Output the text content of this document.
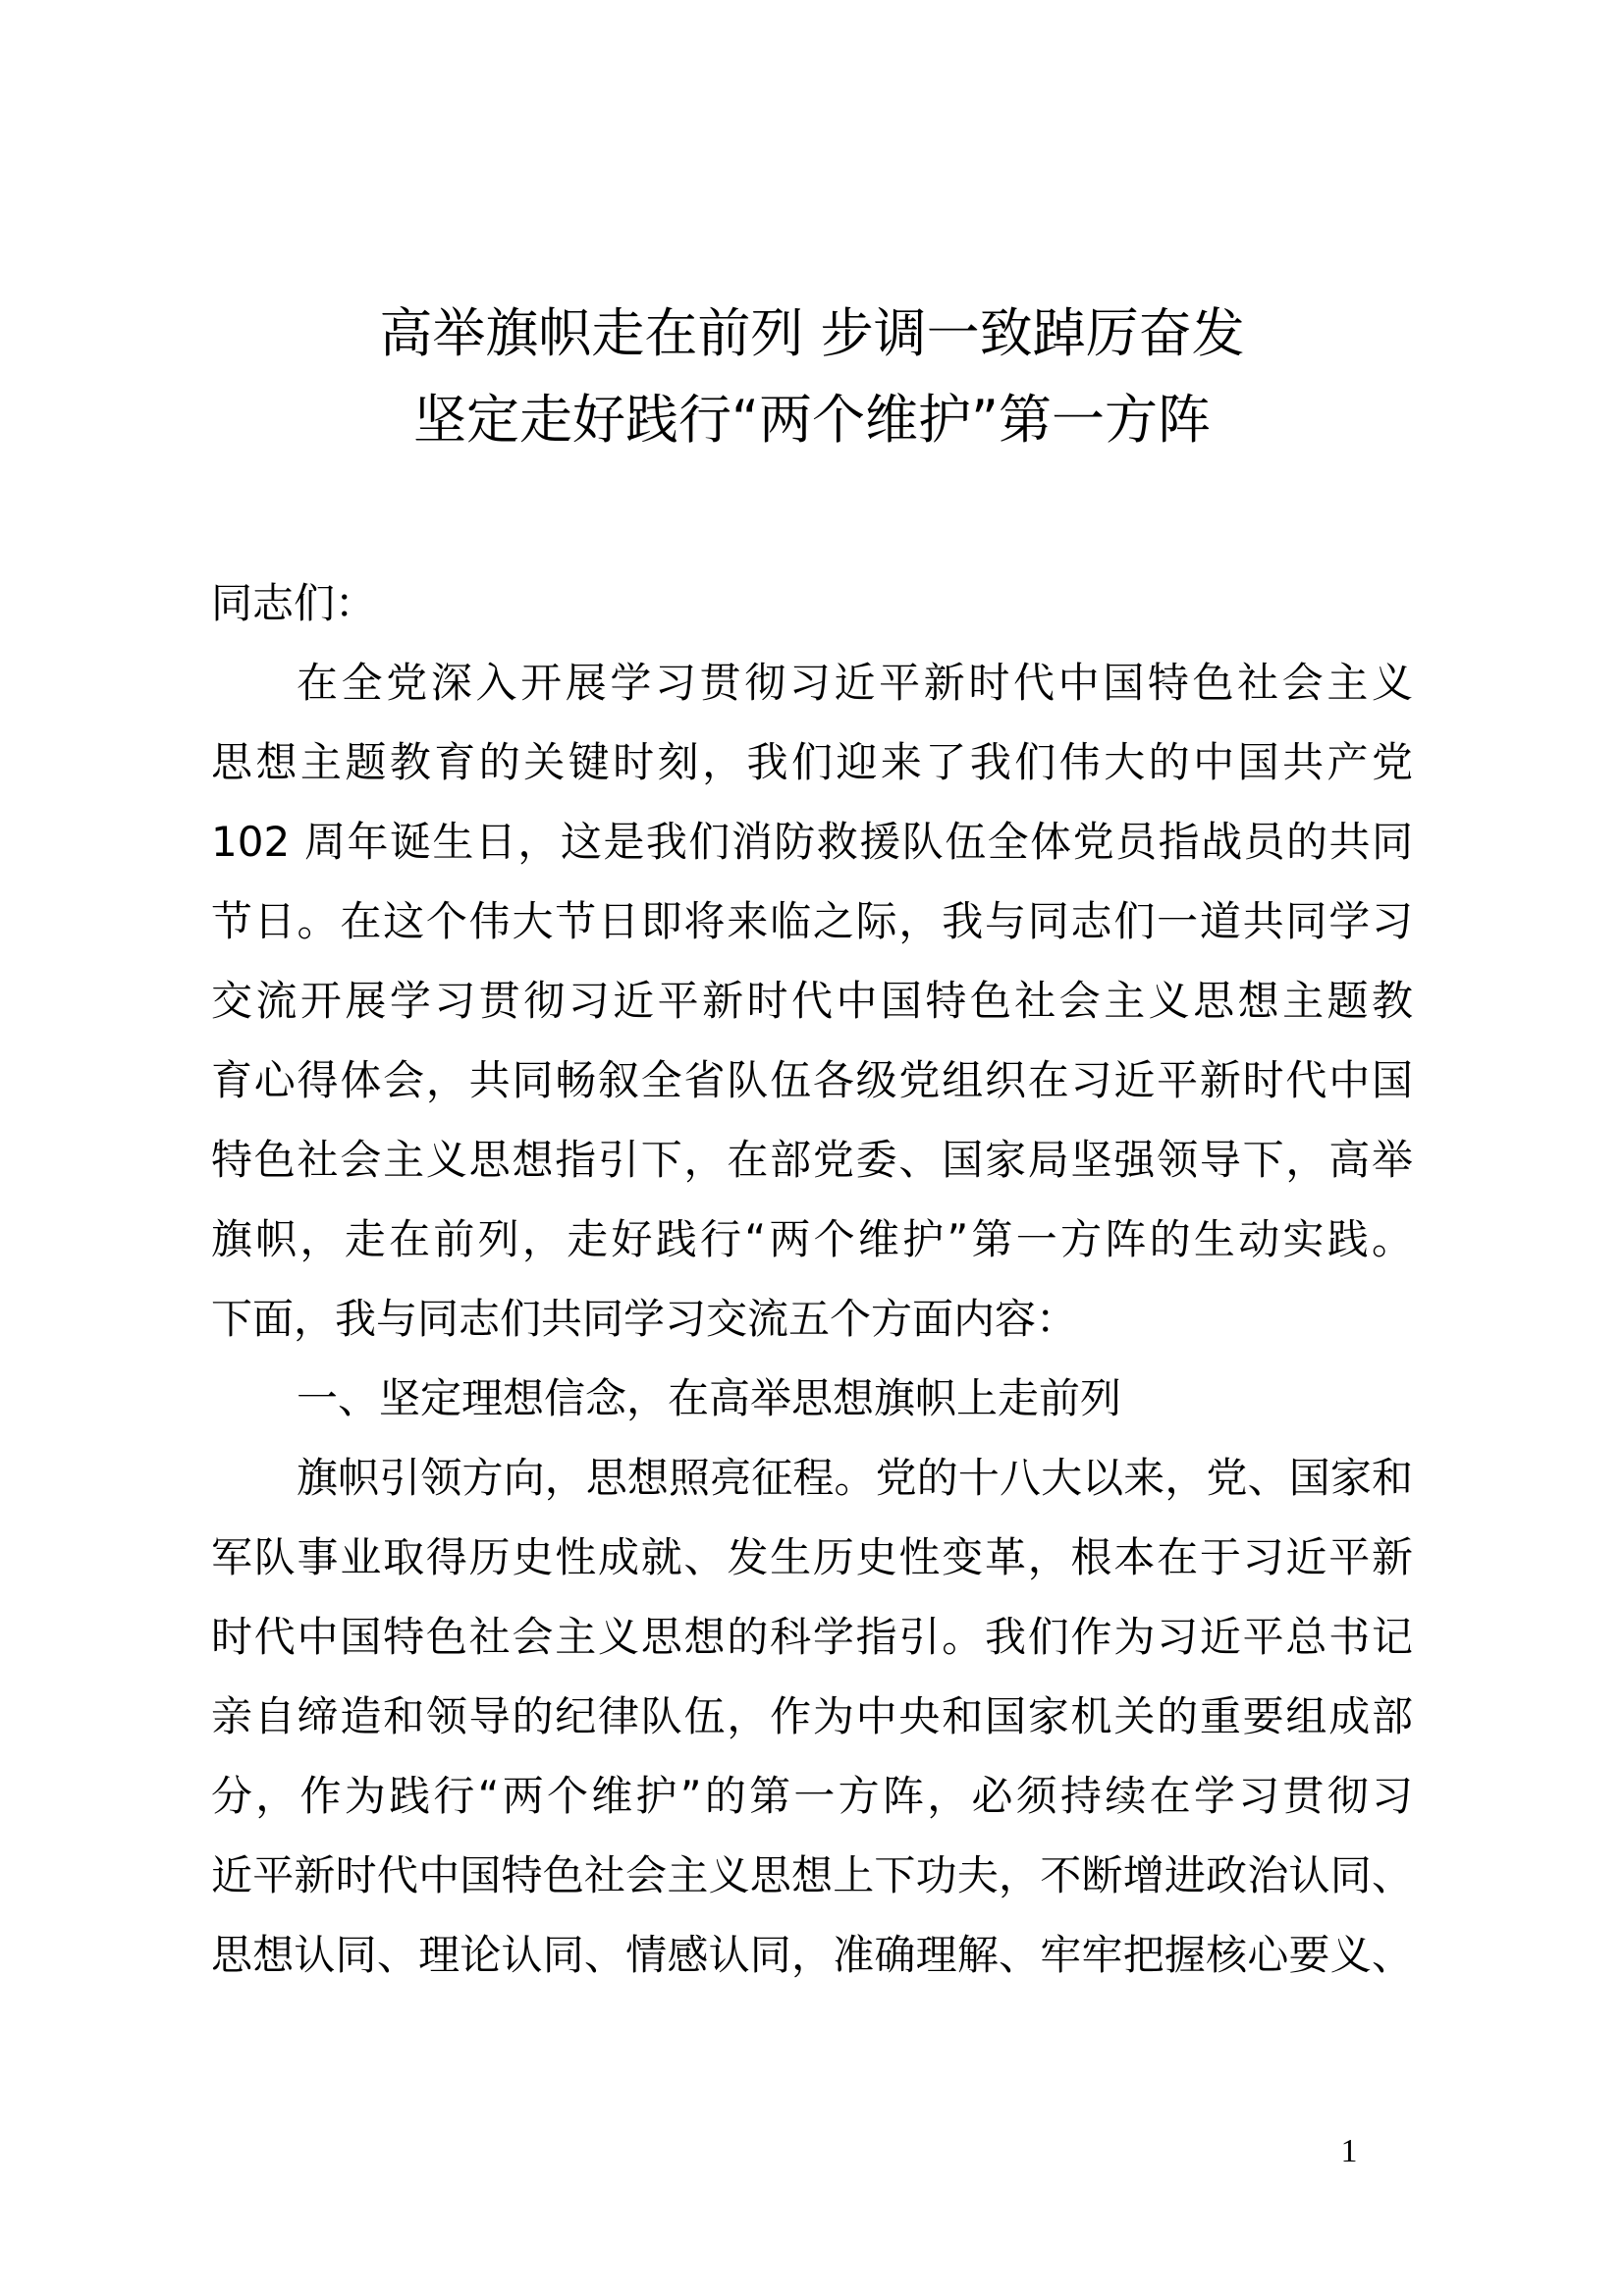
高举旗帜走在前列 步调一致踔厉奋发
坚定走好践行“两个维护”第一方阵
同志们：
在全党深入开展学习贯彻习近平新时代中国特色社会主义
思想主题教育的关键时刻，我们迎来了我们伟大的中国共产党
102 周年诞生日，这是我们消防救援队伍全体党员指战员的共同
节日。在这个伟大节日即将来临之际，我与同志们一道共同学习
交流开展学习贯彻习近平新时代中国特色社会主义思想主题教
育心得体会，共同畅叙全省队伍各级党组织在习近平新时代中国
特色社会主义思想指引下，在部党委、国家局坚强领导下，高举
旗帜，走在前列，走好践行“两个维护”第一方阵的生动实践。
下面，我与同志们共同学习交流五个方面内容：
一、坚定理想信念，在高举思想旗帜上走前列
旗帜引领方向，思想照亮征程。党的十八大以来，党、国家和
军队事业取得历史性成就、发生历史性变革，根本在于习近平新
时代中国特色社会主义思想的科学指引。我们作为习近平总书记
亲自缔造和领导的纪律队伍，作为中央和国家机关的重要组成部
分，作为践行“两个维护”的第一方阵，必须持续在学习贯彻习
近平新时代中国特色社会主义思想上下功夫，不断增进政治认同、
思想认同、理论认同、情感认同，准确理解、牢牢把握核心要义、
1
